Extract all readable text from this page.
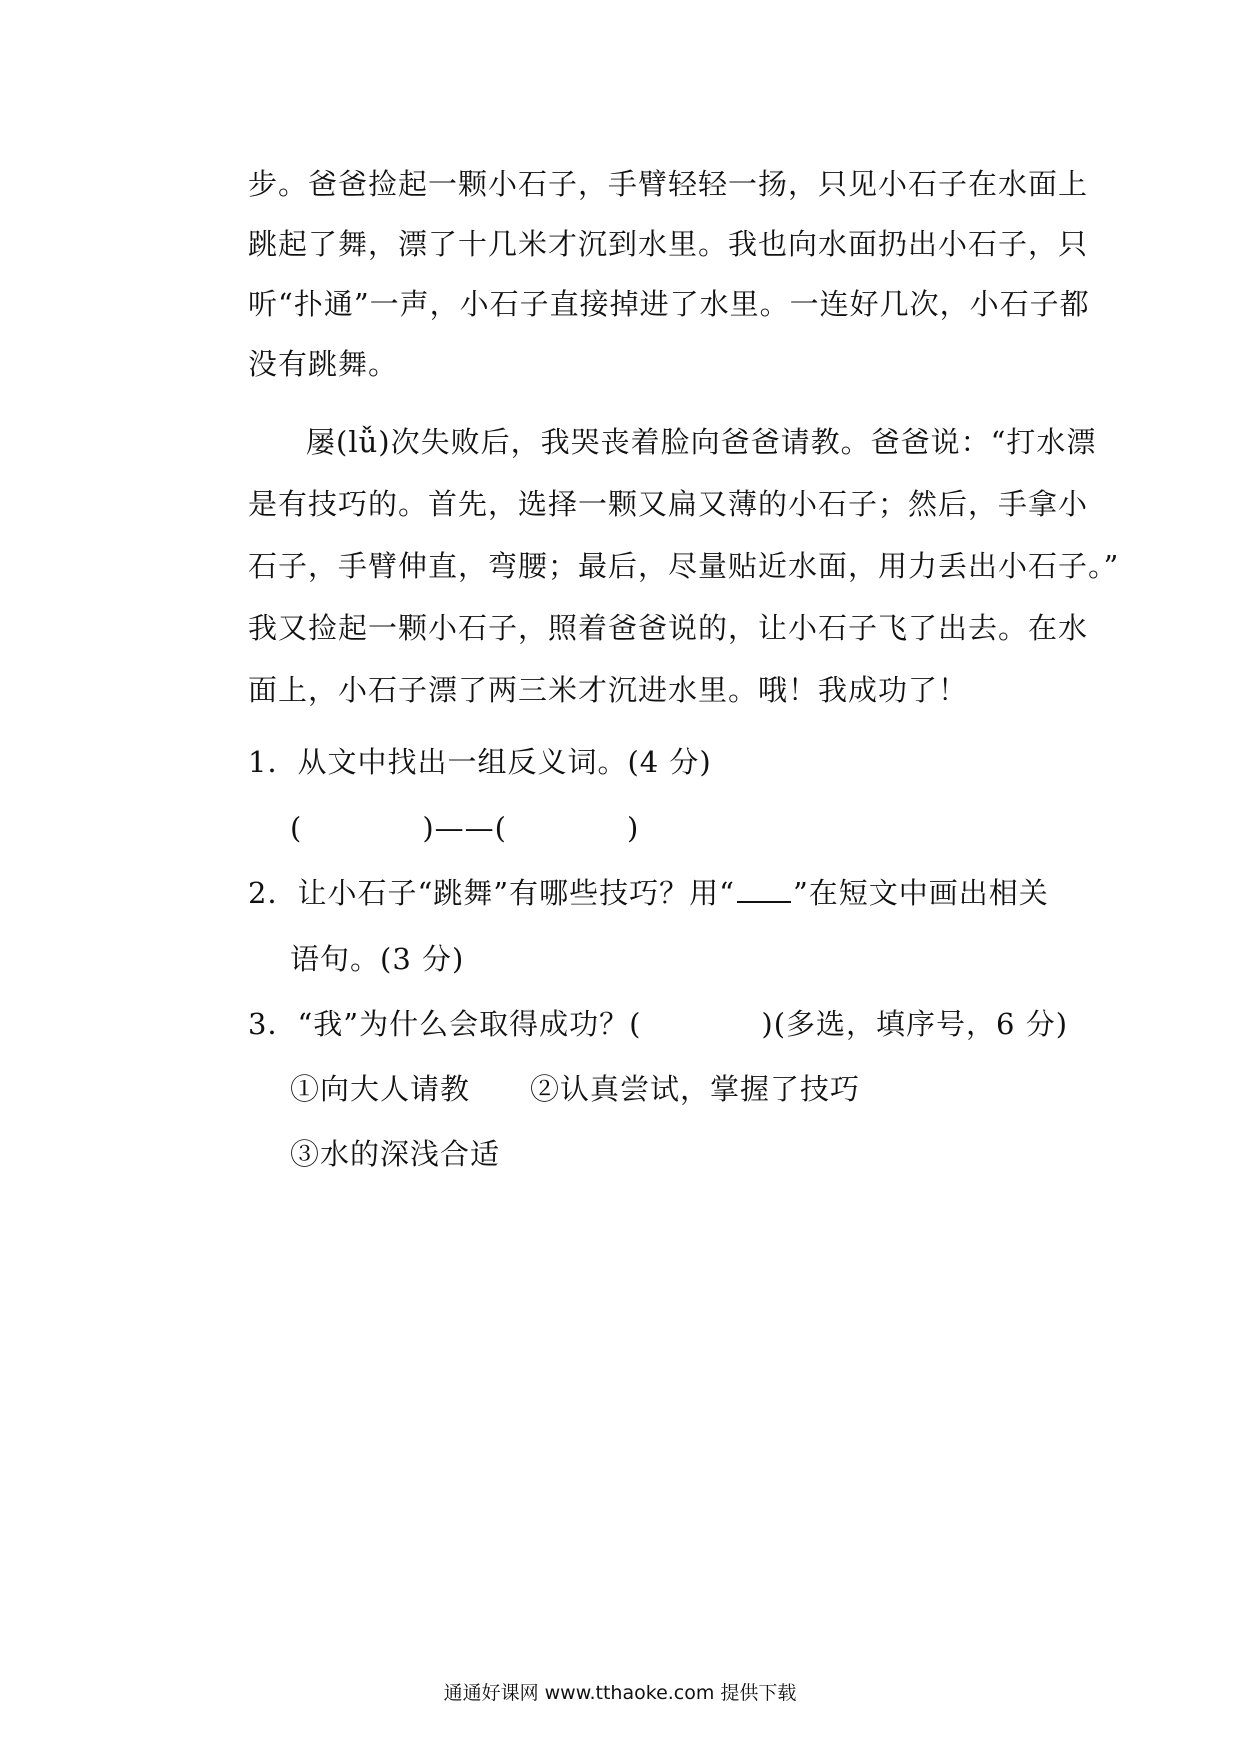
步。爸爸捡起一颗小石子，手臂轻轻一扬，只见小石子在水面上
跳起了舞，漂了十几米才沉到水里。我也向水面扔出小石子，只
听“扑通”一声，小石子直接掉进了水里。一连好几次，小石子都
没有跳舞。
屡(lǚ)次失败后，我哭丧着脸向爸爸请教。爸爸说：“打水漂
是有技巧的。首先，选择一颗又扁又薄的小石子；然后，手拿小
石子，手臂伸直，弯腰；最后，尽量贴近水面，用力丢出小石子。”
我又捡起一颗小石子，照着爸爸说的，让小石子飞了出去。在水
面上，小石子漂了两三米才沉进水里。哦！我成功了！
1．从文中找出一组反义词。(4 分)
(　　　　)——(　　　　)
2．让小石子“跳舞”有哪些技巧？用“ ”在短文中画出相关
语句。(3 分)
3．“我”为什么会取得成功？(　　　　)(多选，填序号，6 分)
①向大人请教　　②认真尝试，掌握了技巧
③水的深浅合适
通通好课网 www.tthaoke.com 提供下载
